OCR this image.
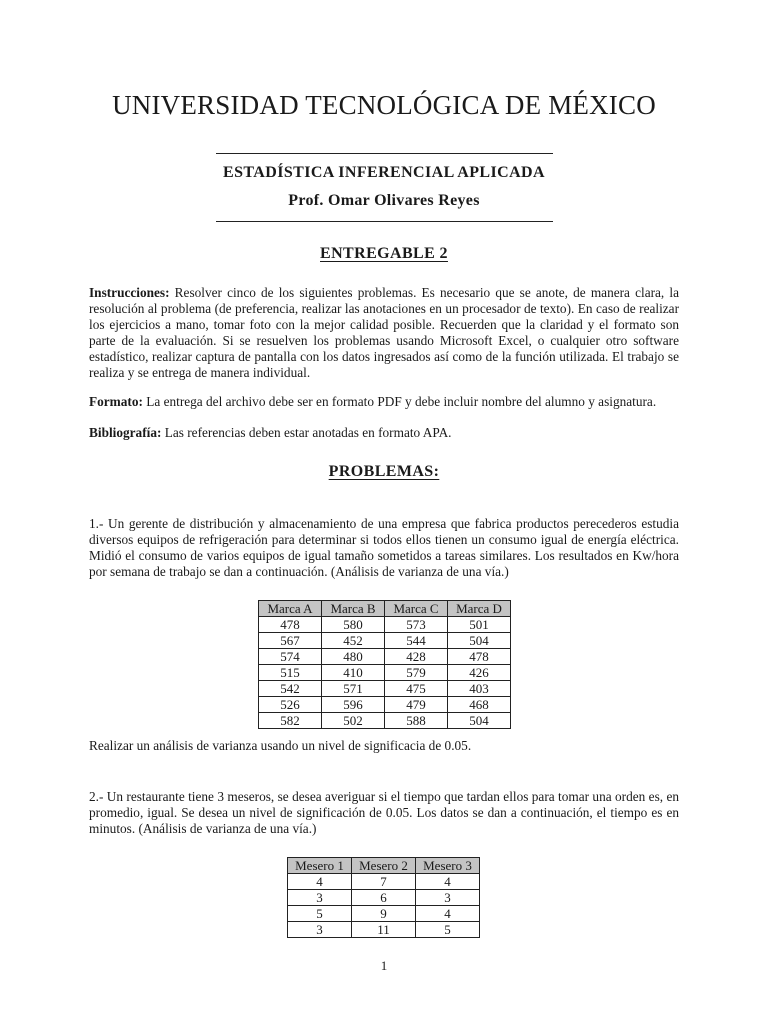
UNIVERSIDAD TECNOLÓGICA DE MÉXICO
ESTADÍSTICA INFERENCIAL APLICADA
Prof. Omar Olivares Reyes
ENTREGABLE 2

Instrucciones: Resolver cinco de los siguientes problemas. Es necesario que se anote, de manera clara, la resolución al problema (de preferencia, realizar las anotaciones en un procesador de texto). En caso de realizar los ejercicios a mano, tomar foto con la mejor calidad posible. Recuerden que la claridad y el formato son parte de la evaluación. Si se resuelven los problemas usando Microsoft Excel, o cualquier otro software estadístico, realizar captura de pantalla con los datos ingresados así como de la función utilizada. El trabajo se realiza y se entrega de manera individual.

Formato: La entrega del archivo debe ser en formato PDF y debe incluir nombre del alumno y asignatura.

Bibliografía: Las referencias deben estar anotadas en formato APA.

PROBLEMAS:

1.- Un gerente de distribución y almacenamiento de una empresa que fabrica productos perecederos estudia diversos equipos de refrigeración para determinar si todos ellos tienen un consumo igual de energía eléctrica. Midió el consumo de varios equipos de igual tamaño sometidos a tareas similares. Los resultados en Kw/hora por semana de trabajo se dan a continuación. (Análisis de varianza de una vía.)

Marca A	Marca B	Marca C	Marca D
478	580	573	501
567	452	544	504
574	480	428	478
515	410	579	426
542	571	475	403
526	596	479	468
582	502	588	504

Realizar un análisis de varianza usando un nivel de significacia de 0.05.

2.- Un restaurante tiene 3 meseros, se desea averiguar si el tiempo que tardan ellos para tomar una orden es, en promedio, igual. Se desea un nivel de significación de 0.05. Los datos se dan a continuación, el tiempo es en minutos. (Análisis de varianza de una vía.)

Mesero 1	Mesero 2	Mesero 3
4	7	4
3	6	3
5	9	4
3	11	5
1
